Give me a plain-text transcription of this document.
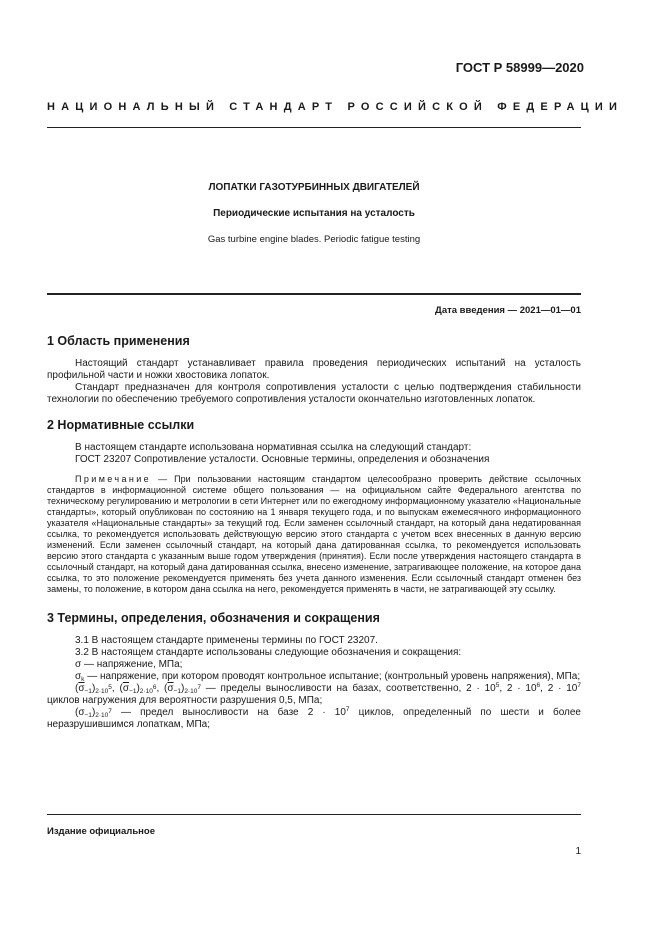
ГОСТ Р 58999—2020
НАЦИОНАЛЬНЫЙ СТАНДАРТ РОССИЙСКОЙ ФЕДЕРАЦИИ
ЛОПАТКИ ГАЗОТУРБИННЫХ ДВИГАТЕЛЕЙ
Периодические испытания на усталость
Gas turbine engine blades. Periodic fatigue testing
Дата введения — 2021—01—01
1 Область применения

Настоящий стандарт устанавливает правила проведения периодических испытаний на усталость профильной части и ножки хвостовика лопаток.

Стандарт предназначен для контроля сопротивления усталости с целью подтверждения стабильности технологии по обеспечению требуемого сопротивления усталости окончательно изготовленных лопаток.

2 Нормативные ссылки

В настоящем стандарте использована нормативная ссылка на следующий стандарт:

ГОСТ 23207 Сопротивление усталости. Основные термины, определения и обозначения

Примечание — При пользовании настоящим стандартом целесообразно проверить действие ссылочных стандартов в информационной системе общего пользования — на официальном сайте Федерального агентства по техническому регулированию и метрологии в сети Интернет или по ежегодному информационному указателю «Национальные стандарты», который опубликован по состоянию на 1 января текущего года, и по выпускам ежемесячного информационного указателя «Национальные стандарты» за текущий год. Если заменен ссылочный стандарт, на который дана недатированная ссылка, то рекомендуется использовать действующую версию этого стандарта с учетом всех внесенных в данную версию изменений. Если заменен ссылочный стандарт, на который дана датированная ссылка, то рекомендуется использовать версию этого стандарта с указанным выше годом утверждения (принятия). Если после утверждения настоящего стандарта в ссылочный стандарт, на который дана датированная ссылка, внесено изменение, затрагивающее положение, на которое дана ссылка, то это положение рекомендуется применять без учета данного изменения. Если ссылочный стандарт отменен без замены, то положение, в котором дана ссылка на него, рекомендуется применять в части, не затрагивающей эту ссылку.

3 Термины, определения, обозначения и сокращения

3.1 В настоящем стандарте применены термины по ГОСТ 23207.

3.2 В настоящем стандарте использованы следующие обозначения и сокращения:

σ — напряжение, МПа;

$\sigma_k$ — напряжение, при котором проводят контрольное испытание; (контрольный уровень напряжения), МПа;

$(\overline{\sigma}_{-1})_{2\cdot 10^5}$, $(\overline{\sigma}_{-1})_{2\cdot 10^6}$, $(\overline{\sigma}_{-1})_{2\cdot 10^7}$ — пределы выносливости на базах, соответственно, $2 \cdot 10^5$, $2 \cdot 10^6$, $2 \cdot 10^7$ циклов нагружения для вероятности разрушения 0,5, МПа;

$(\sigma_{-1})_{2\cdot 10^7}$ — предел выносливости на базе $2 \cdot 10^7$ циклов, определенный по шести и более неразрушившимся лопаткам, МПа;

Издание официальное
1
